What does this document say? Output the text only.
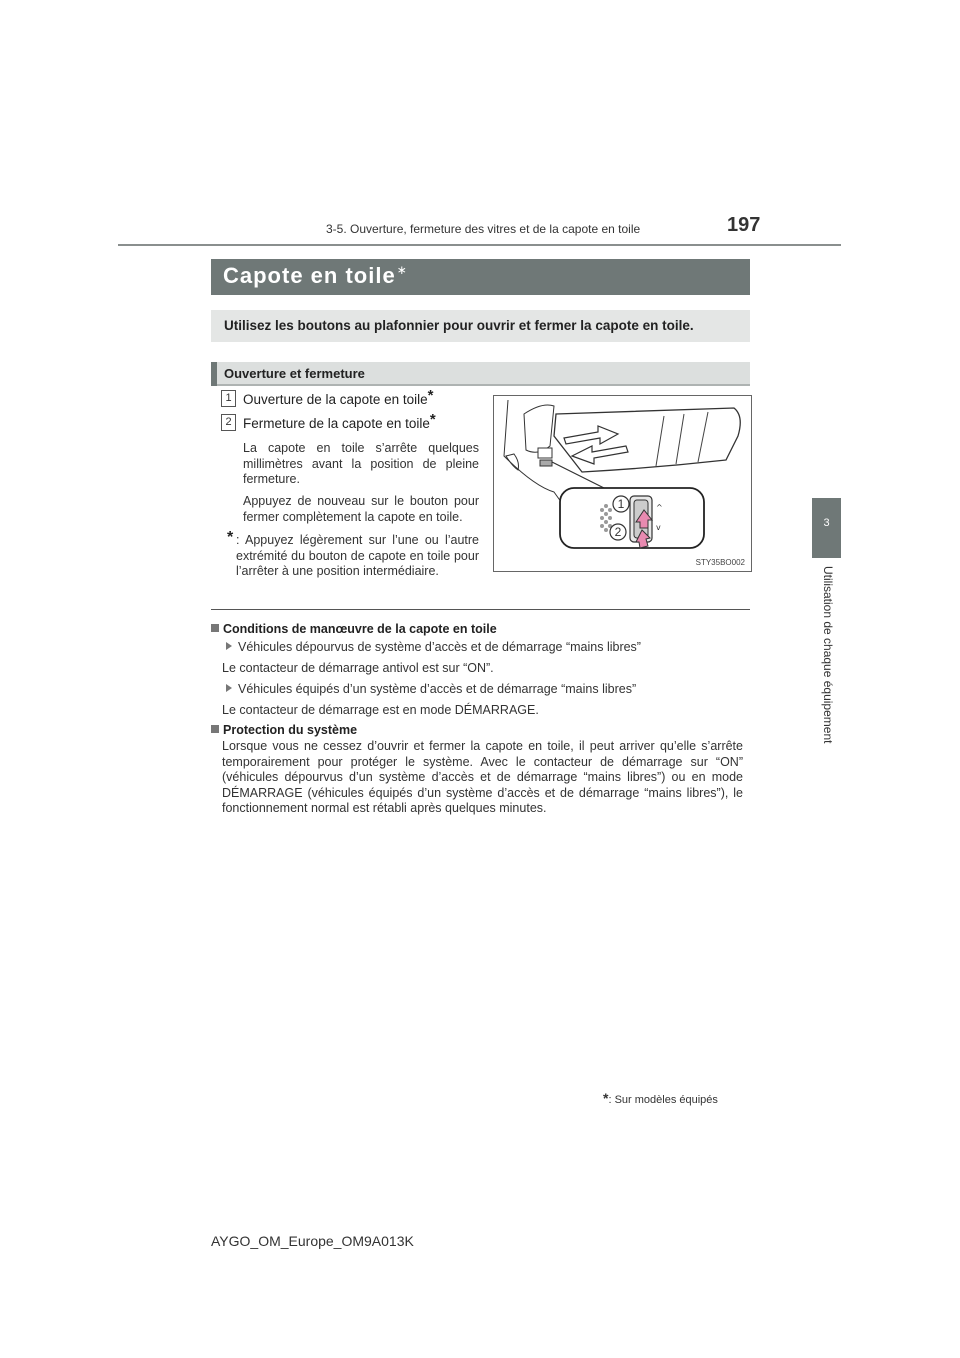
3-5. Ouverture, fermeture des vitres et de la capote en toile	197
3
Utilisation de chaque équipement
Capote en toile∗
Utilisez les boutons au plafonnier pour ouvrir et fermer la capote en toile.
Ouverture et fermeture
1 Ouverture de la capote en toile*
2 Fermeture de la capote en toile*
La capote en toile s’arrête quelques millimètres avant la position de pleine fermeture.
Appuyez de nouveau sur le bouton pour fermer complètement la capote en toile.
* : Appuyez légèrement sur l’une ou l’autre extrémité du bouton de capote en toile pour l’arrêter à une position intermédiaire.
^
v
1
2
STY35BO002
Conditions de manœuvre de la capote en toile
Véhicules dépourvus de système d’accès et de démarrage “mains libres”
Le contacteur de démarrage antivol est sur “ON”.
Véhicules équipés d’un système d’accès et de démarrage “mains libres”
Le contacteur de démarrage est en mode DÉMARRAGE.
Protection du système
Lorsque vous ne cessez d’ouvrir et fermer la capote en toile, il peut arriver qu’elle s’arrête temporairement pour protéger le système. Avec le contacteur de démarrage sur “ON” (véhicules dépourvus d’un système d’accès et de démarrage “mains libres”) ou en mode DÉMARRAGE (véhicules équipés d’un système d’accès et de démarrage “mains libres”), le fonctionnement normal est rétabli après quelques minutes.
*: Sur modèles équipés
AYGO_OM_Europe_OM9A013K
